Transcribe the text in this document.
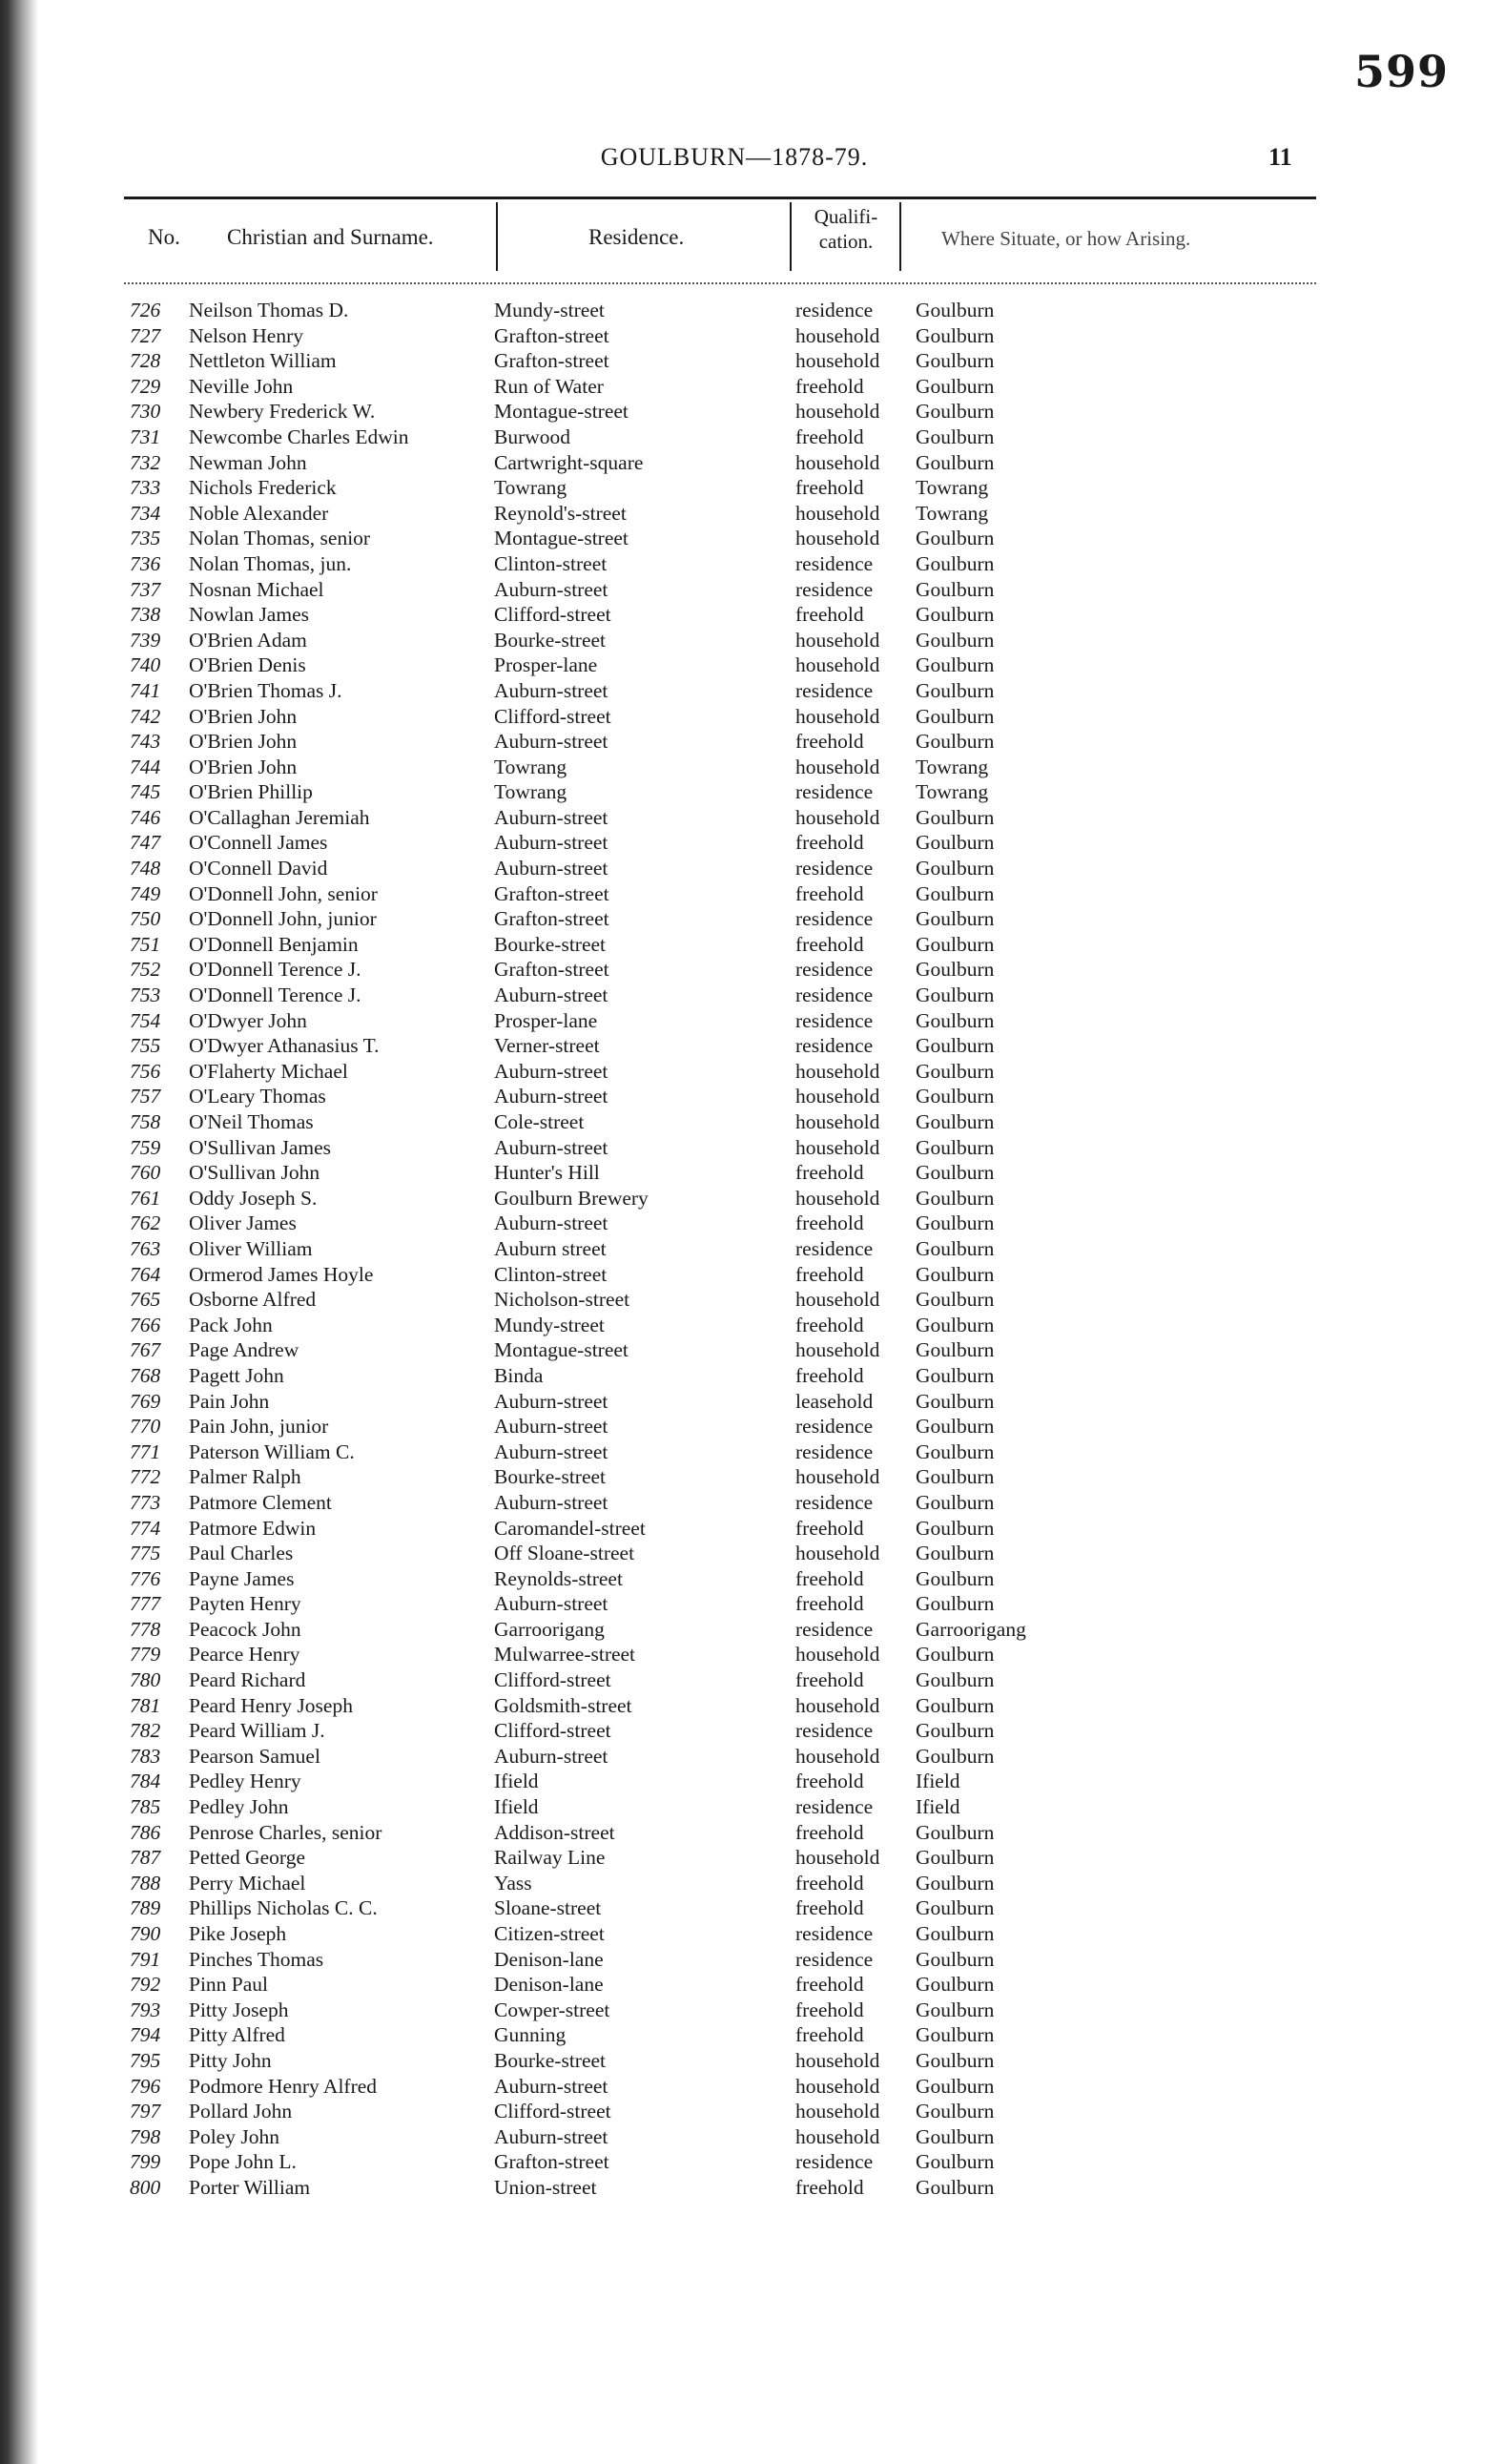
599
GOULBURN—1878-79.	11
No. Christian and Surname.	Residence.
Qualifi-cation.	Where Situate, or how Arising.
726	Neilson Thomas D.	Mundy-street	residence Goulburn
727	Nelson Henry	Grafton-street	household Goulburn
728	Nettleton William	Grafton-street	household Goulburn
729	Neville John	Run of Water	freehold	Goulburn
730	Newbery Frederick W.	Montague-street	household Goulburn
731	Newcombe Charles Edwin	Burwood	freehold	Goulburn
732	Newman John	Cartwright-square	household Goulburn
733	Nichols Frederick	Towrang	freehold	Towrang
734	Noble Alexander	Reynold's-street	household Towrang
735	Nolan Thomas, senior	Montague-street	household Goulburn
736	Nolan Thomas, jun.	Clinton-street	residence Goulburn
737	Nosnan Michael	Auburn-street	residence Goulburn
738	Nowlan James	Clifford-street	freehold	Goulburn
739	O'Brien Adam	Bourke-street	household Goulburn
740	O'Brien Denis	Prosper-lane	household Goulburn
741	O'Brien Thomas J.	Auburn-street	residence Goulburn
742	O'Brien John	Clifford-street	household Goulburn
743	O'Brien John	Auburn-street	freehold	Goulburn
744	O'Brien John	Towrang	household Towrang
745	O'Brien Phillip	Towrang	residence Towrang
746	O'Callaghan Jeremiah	Auburn-street	household Goulburn
747	O'Connell James	Auburn-street	freehold	Goulburn
748	O'Connell David	Auburn-street	residence Goulburn
749	O'Donnell John, senior	Grafton-street	freehold	Goulburn
750	O'Donnell John, junior	Grafton-street	residence Goulburn
751	O'Donnell Benjamin	Bourke-street	freehold	Goulburn
752	O'Donnell Terence J.	Grafton-street	residence Goulburn
753	O'Donnell Terence J.	Auburn-street	residence Goulburn
754	O'Dwyer John	Prosper-lane	residence Goulburn
755	O'Dwyer Athanasius T.	Verner-street	residence Goulburn
756	O'Flaherty Michael	Auburn-street	household Goulburn
757	O'Leary Thomas	Auburn-street	household Goulburn
758	O'Neil Thomas	Cole-street	household Goulburn
759	O'Sullivan James	Auburn-street	household Goulburn
760	O'Sullivan John	Hunter's Hill	freehold	Goulburn
761	Oddy Joseph S.	Goulburn Brewery	household Goulburn
762	Oliver James	Auburn-street	freehold	Goulburn
763	Oliver William	Auburn street	residence Goulburn
764	Ormerod James Hoyle	Clinton-street	freehold	Goulburn
765	Osborne Alfred	Nicholson-street	household Goulburn
766	Pack John	Mundy-street	freehold	Goulburn
767	Page Andrew	Montague-street	household Goulburn
768	Pagett John	Binda	freehold	Goulburn
769	Pain John	Auburn-street	leasehold Goulburn
770	Pain John, junior	Auburn-street	residence Goulburn
771	Paterson William C.	Auburn-street	residence Goulburn
772	Palmer Ralph	Bourke-street	household Goulburn
773	Patmore Clement	Auburn-street	residence Goulburn
774	Patmore Edwin	Caromandel-street	freehold	Goulburn
775	Paul Charles	Off Sloane-street	household Goulburn
776	Payne James	Reynolds-street	freehold	Goulburn
777	Payten Henry	Auburn-street	freehold	Goulburn
778	Peacock John	Garroorigang	residence Garroorigang
779	Pearce Henry	Mulwarree-street	household Goulburn
780	Peard Richard	Clifford-street	freehold	Goulburn
781	Peard Henry Joseph	Goldsmith-street	household Goulburn
782	Peard William J.	Clifford-street	residence Goulburn
783	Pearson Samuel	Auburn-street	household Goulburn
784	Pedley Henry	Ifield	freehold	Ifield
785	Pedley John	Ifield	residence Ifield
786	Penrose Charles, senior	Addison-street	freehold	Goulburn
787	Petted George	Railway Line	household Goulburn
788	Perry Michael	Yass	freehold	Goulburn
789	Phillips Nicholas C. C.	Sloane-street	freehold	Goulburn
790	Pike Joseph	Citizen-street	residence Goulburn
791	Pinches Thomas	Denison-lane	residence Goulburn
792	Pinn Paul	Denison-lane	freehold	Goulburn
793	Pitty Joseph	Cowper-street	freehold	Goulburn
794	Pitty Alfred	Gunning	freehold	Goulburn
795	Pitty John	Bourke-street	household Goulburn
796	Podmore Henry Alfred	Auburn-street	household Goulburn
797	Pollard John	Clifford-street	household Goulburn
798	Poley John	Auburn-street	household Goulburn
799	Pope John L.	Grafton-street	residence Goulburn
800	Porter William	Union-street	freehold	Goulburn
